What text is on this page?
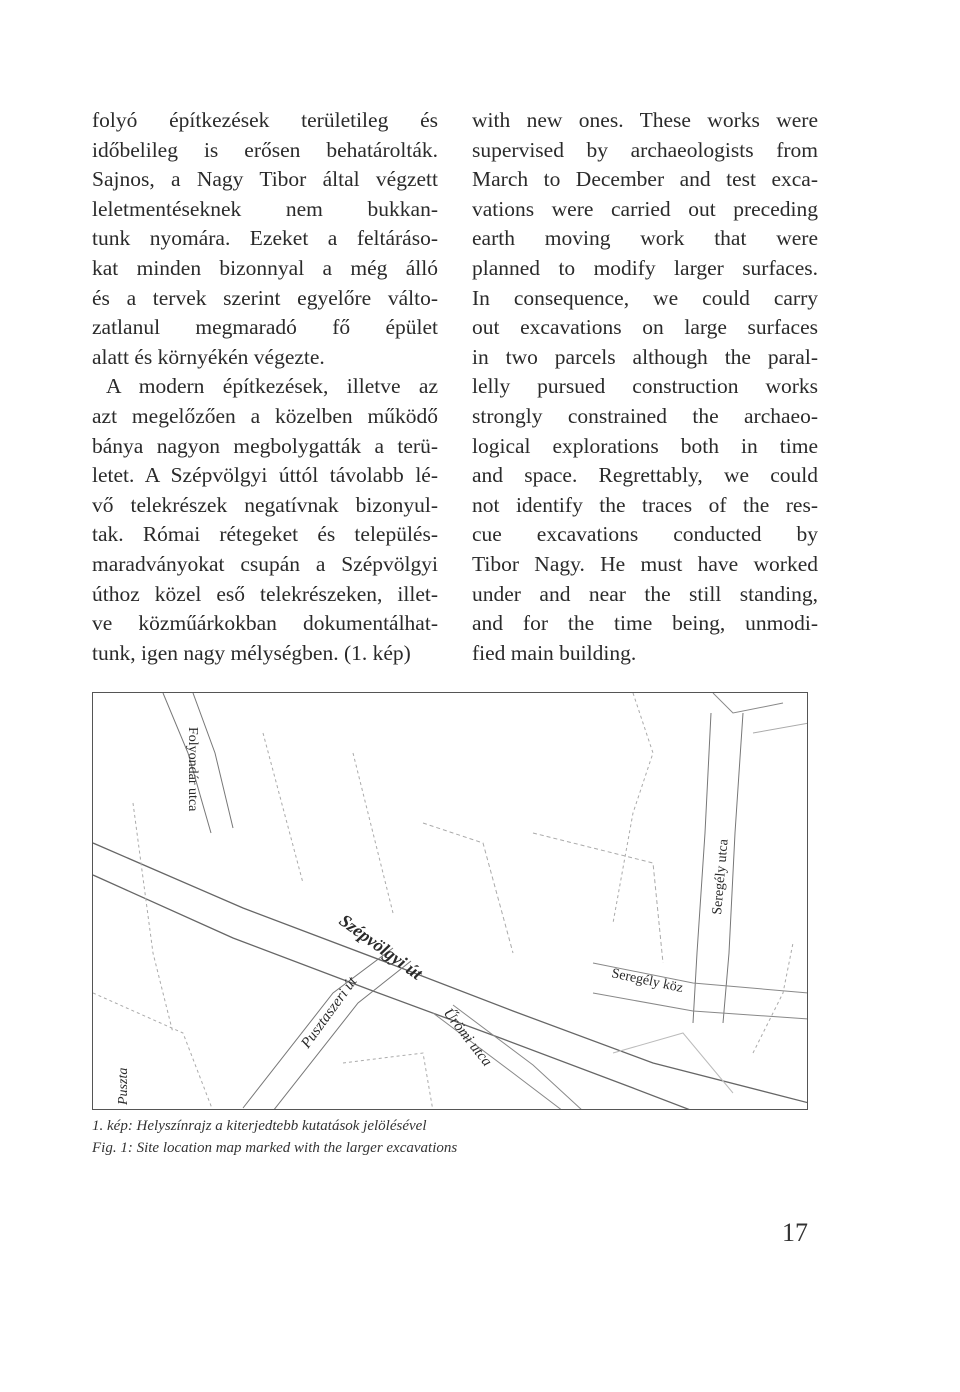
folyó építkezések területileg és
időbelileg is erősen behatárolták.
Sajnos, a Nagy Tibor által végzett
leletmentéseknek nem bukkan-
tunk nyomára. Ezeket a feltáráso-
kat minden bizonnyal a még álló
és a tervek szerint egyelőre válto-
zatlanul megmaradó fő épület
alatt és környékén végezte.
A modern építkezések, illetve az
azt megelőzően a közelben működő
bánya nagyon megbolygatták a terü-
letet. A Szépvölgyi úttól távolabb lé-
vő telekrészek negatívnak bizonyul-
tak. Római rétegeket és település-
maradványokat csupán a Szépvölgyi
úthoz közel eső telekrészeken, illet-
ve közműárkokban dokumentálhat-
tunk, igen nagy mélységben. (1. kép)
with new ones. These works were
supervised by archaeologists from
March to December and test exca-
vations were carried out preceding
earth moving work that were
planned to modify larger surfaces.
In consequence, we could carry
out excavations on large surfaces
in two parcels although the paral-
lelly pursued construction works
strongly constrained the archaeo-
logical explorations both in time
and space. Regrettably, we could
not identify the traces of the res-
cue excavations conducted by
Tibor Nagy. He must have worked
under and near the still standing,
and for the time being, unmodi-
fied main building.
Folyondár utca
Szépvölgyi út
Pusztaszeri út	Űrömi utca
Seregély utca
Seregély köz
Puszta
1. kép: Helyszínrajz a kiterjedtebb kutatások jelölésével
Fig. 1: Site location map marked with the larger excavations
17
